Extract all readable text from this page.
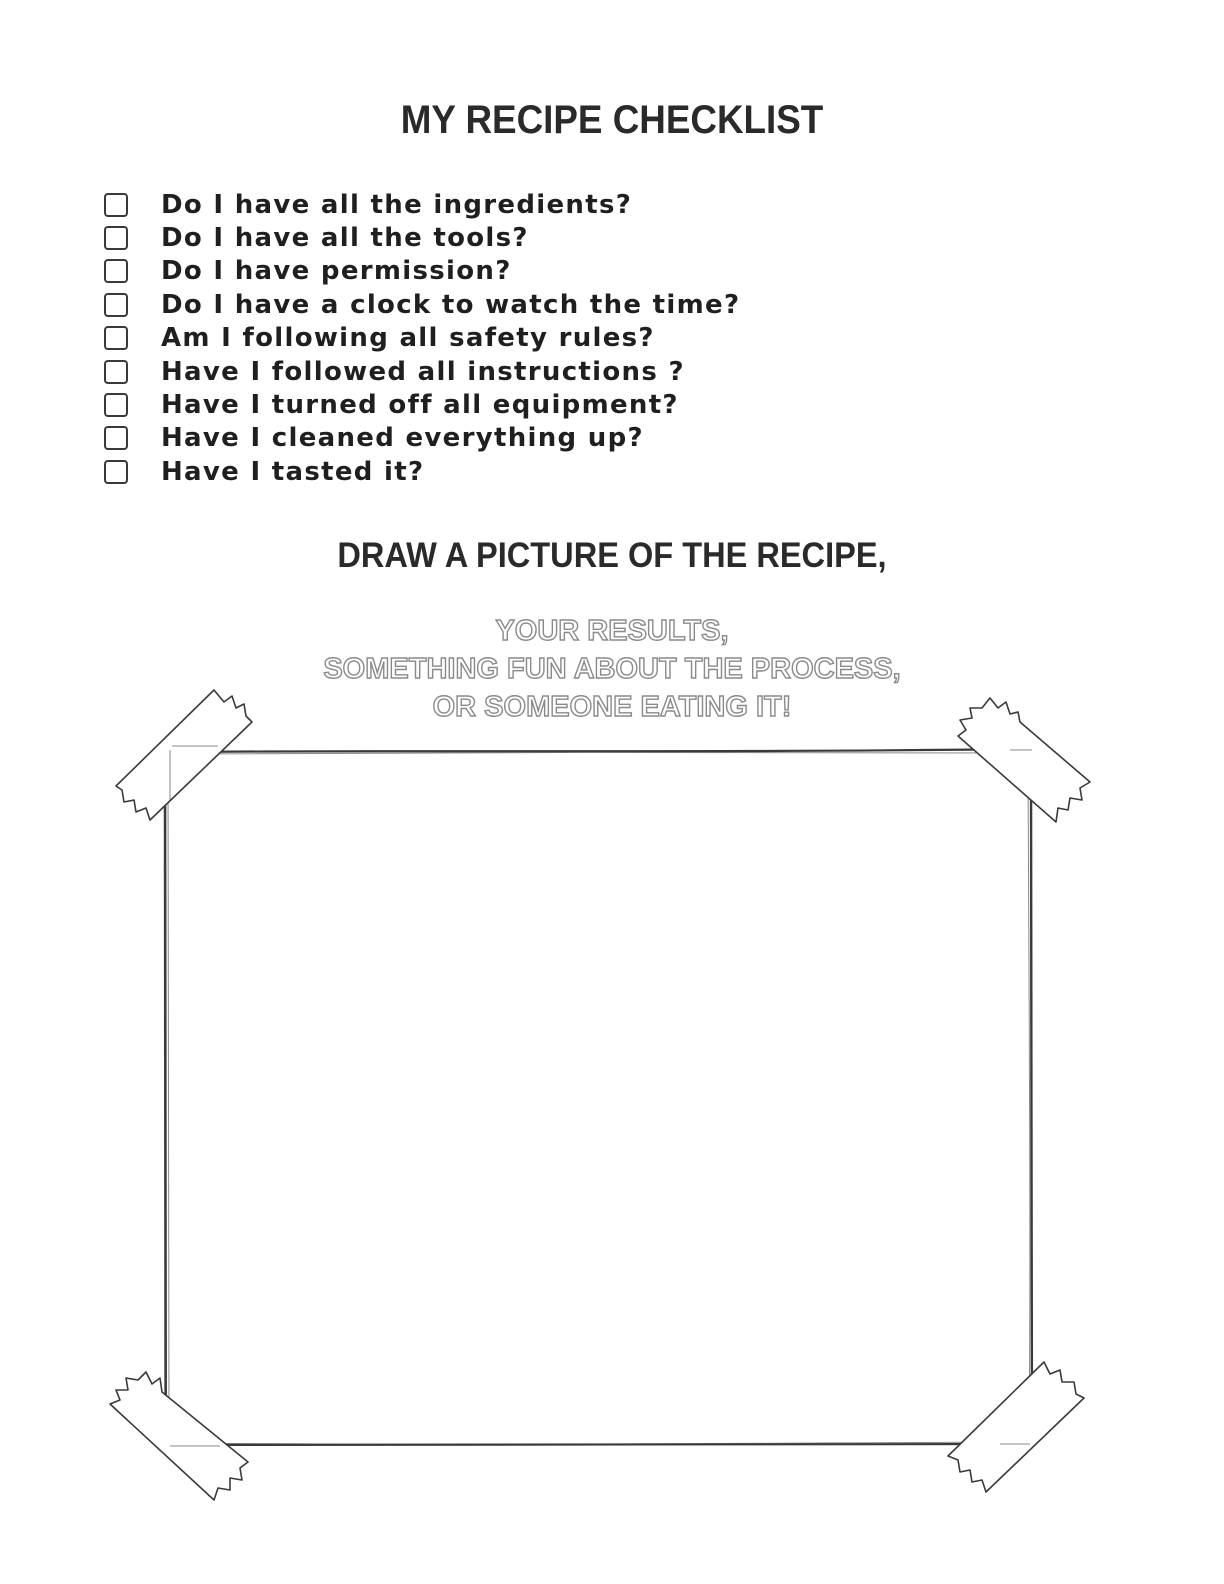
MY RECIPE CHECKLIST
Do I have all the ingredients?
Do I have all the tools?
Do I have permission?
Do I have a clock to watch the time?
Am I following all safety rules?
Have I followed all instructions ?
Have I turned off all equipment?
Have I cleaned everything up?
Have I tasted it?
DRAW A PICTURE OF THE RECIPE,

YOUR RESULTS,
SOMETHING FUN ABOUT THE PROCESS,
OR SOMEONE EATING IT!
